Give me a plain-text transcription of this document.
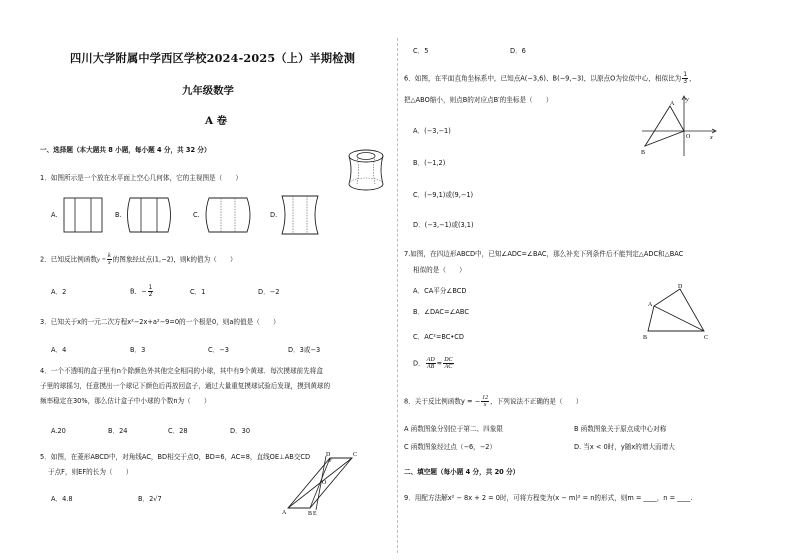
四川大学附属中学西区学校2024-2025（上）半期检测
九年级数学
A 卷
一、选择题（本大题共 8 小题，每小题 4 分，共 32 分）
1．如图所示是一个放在水平面上空心几何体，它的主视图是（　　）
A.	B.	C.	D.
2．已知反比例函数$y = \frac{k}{x}$ 的图象经过点(1,−2)，则k的值为（　　）
A．2	B．− $\frac{1}{2}$	C．1	D．−2
3．已知关于x的一元二次方程x²−2x+a²−9=0的一个根是0，则a的值是（　　）
A．4	B．3	C．−3	D．3或−3
4．一个不透明的盒子里有n个除颜色外其他完全相同的小球，其中有9个黄球．每次摸球前先将盒
子里的球摇匀，任意摸出一个球记下颜色后再放回盒子，通过大量重复摸球试验后发现，摸到黄球的
频率稳定在30%，那么估计盒子中小球的个数n为（　　）
A.20	B．24	C．28	D．30
5．如图，在菱形ABCD中，对角线AC，BD相交于点O，BD=6，AC=8，直线OE⊥AB交CD
于点F，则EF的长为（　　）
A．4.8	B．2√7
D
F
C
O
A	E
B
C．5	D．6
6．如图，在平面直角坐标系中，已知点A(−3,6)、B(−9,−3)，以原点O为位似中心，相似比为 $\frac{1}{3}$ ，
把△ABO缩小，则点B的对应点B′的坐标是（　　）
A．(−3,−1)
B．(−1,2)
C．(−9,1)或(9,−1)
D．(−3,−1)或(3,1)
y
A
O	x
B
7.如图，在四边形ABCD中，已知∠ADC=∠BAC，那么补充下列条件后不能判定△ADC和△BAC
相似的是（　　）
A．CA平分∠BCD
B．∠DAC=∠ABC
C．AC²=BC•CD
D． $\frac{AD}{AB} = \frac{DC}{AC}$
D
A
B	C
8．关于反比例函数y = − $\frac{12}{x}$ ，下列说法不正确的是（　　）
A 函数图象分别位于第二、四象限	B 函数图象关于原点成中心对称
C 函数图象经过点（−6，−2）	D. 当x < 0时，y随x的增大而增大
二、填空题（每小题 4 分，共 20 分）
9．用配方法解x² − 8x + 2 = 0时，可将方程变为(x − m)² = n的形式，则m = ____，n = ____.
